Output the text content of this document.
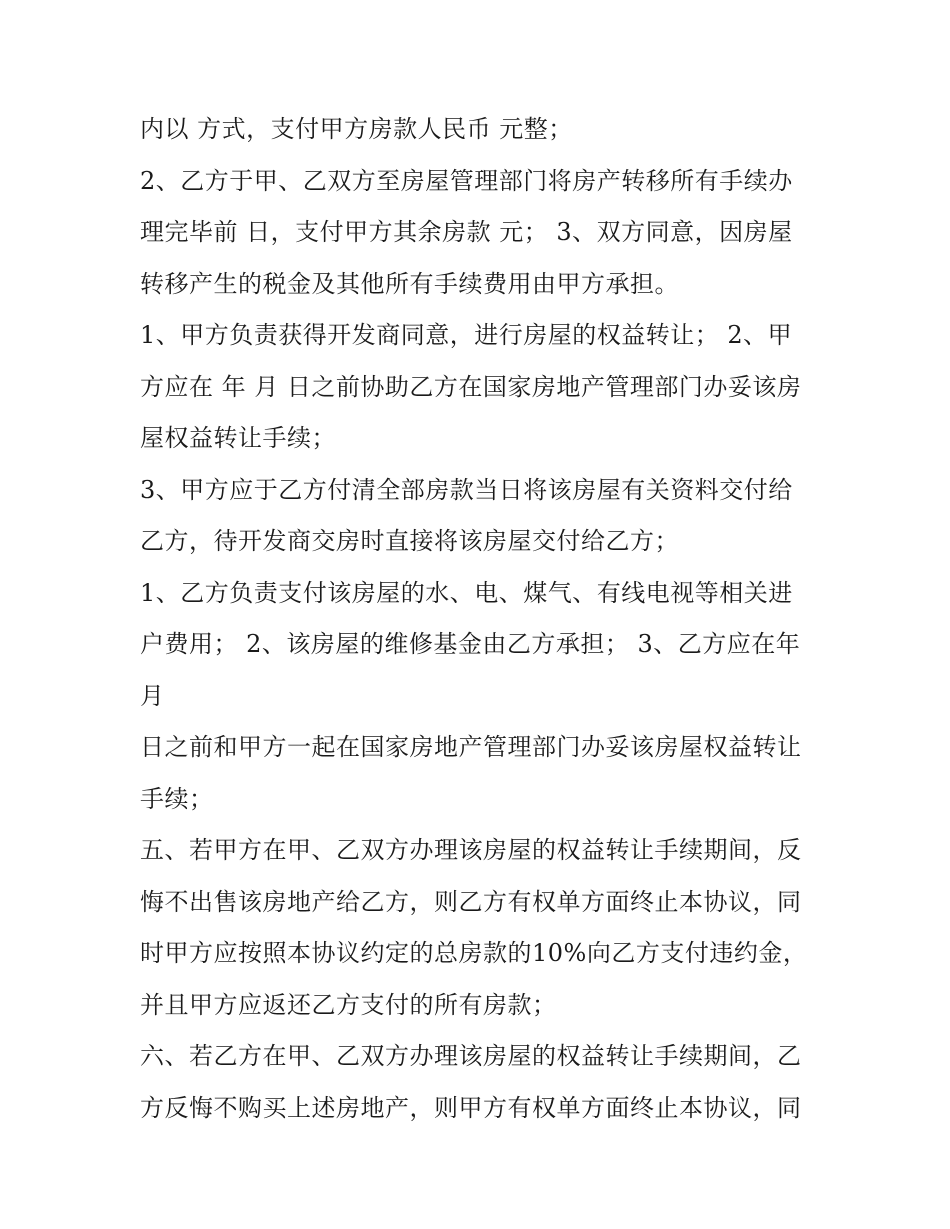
内以 方式，支付甲方房款人民币 元整；
2、乙方于甲、乙双方至房屋管理部门将房产转移所有手续办
理完毕前 日，支付甲方其余房款 元； 3、双方同意，因房屋
转移产生的税金及其他所有手续费用由甲方承担。
1、甲方负责获得开发商同意，进行房屋的权益转让； 2、甲
方应在 年 月 日之前协助乙方在国家房地产管理部门办妥该房
屋权益转让手续；
3、甲方应于乙方付清全部房款当日将该房屋有关资料交付给
乙方，待开发商交房时直接将该房屋交付给乙方；
1、乙方负责支付该房屋的水、电、煤气、有线电视等相关进
户费用； 2、该房屋的维修基金由乙方承担； 3、乙方应在年
月
日之前和甲方一起在国家房地产管理部门办妥该房屋权益转让
手续；
五、若甲方在甲、乙双方办理该房屋的权益转让手续期间，反
悔不出售该房地产给乙方，则乙方有权单方面终止本协议，同
时甲方应按照本协议约定的总房款的10%向乙方支付违约金，
并且甲方应返还乙方支付的所有房款；
六、若乙方在甲、乙双方办理该房屋的权益转让手续期间，乙
方反悔不购买上述房地产，则甲方有权单方面终止本协议，同
